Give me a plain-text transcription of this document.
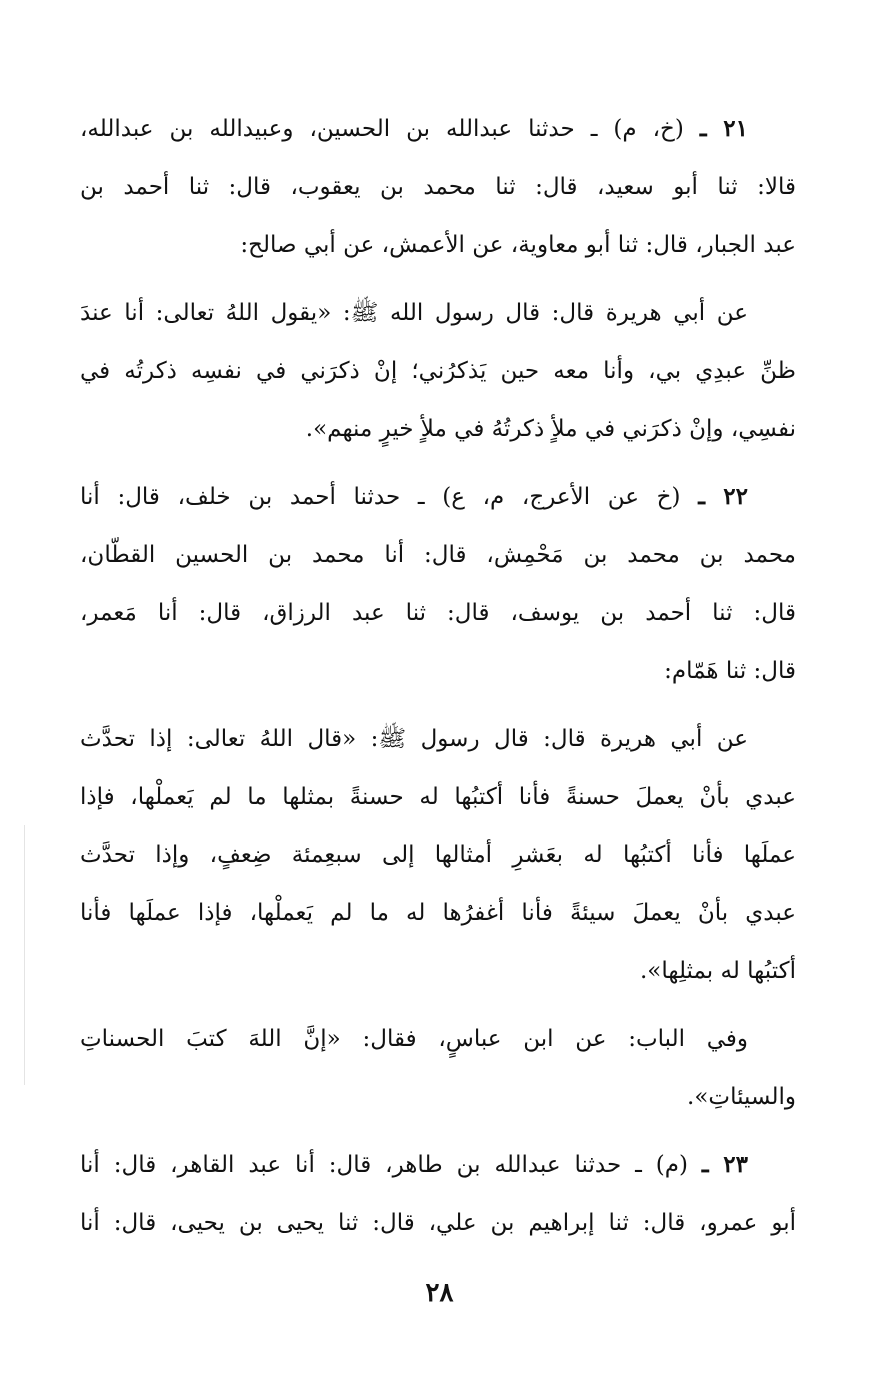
٢١ ـ (خ، م) ـ حدثنا عبدالله بن الحسين، وعبيدالله بن عبدالله،
قالا: ثنا أبو سعيد، قال: ثنا محمد بن يعقوب، قال: ثنا أحمد بن
عبد الجبار، قال: ثنا أبو معاوية، عن الأعمش، عن أبي صالح:
عن أبي هريرة قال: قال رسول الله ﷺ: «يقول اللهُ تعالى: أنا عندَ
ظنِّ عبدِي بي، وأنا معه حين يَذكرُني؛ إنْ ذكرَني في نفسِه ذكرتُه في
نفسِي، وإنْ ذكرَني في ملأٍ ذكرتُهُ في ملأٍ خيرٍ منهم».
٢٢ ـ (خ عن الأعرج، م، ع) ـ حدثنا أحمد بن خلف، قال: أنا
محمد بن محمد بن مَحْمِش، قال: أنا محمد بن الحسين القطّان،
قال: ثنا أحمد بن يوسف، قال: ثنا عبد الرزاق، قال: أنا مَعمر،
قال: ثنا هَمّام:
عن أبي هريرة قال: قال رسول ﷺ: «قال اللهُ تعالى: إذا تحدَّث
عبدي بأنْ يعملَ حسنةً فأنا أكتبُها له حسنةً بمثلها ما لم يَعملْها، فإذا
عملَها فأنا أكتبُها له بعَشرِ أمثالها إلى سبعِمئة ضِعفٍ، وإذا تحدَّث
عبدي بأنْ يعملَ سيئةً فأنا أغفرُها له ما لم يَعملْها، فإذا عملَها فأنا
أكتبُها له بمثلِها».
وفي الباب: عن ابن عباسٍ، فقال: «إنَّ اللهَ كتبَ الحسناتِ
والسيئاتِ».
٢٣ ـ (م) ـ حدثنا عبدالله بن طاهر، قال: أنا عبد القاهر، قال: أنا
أبو عمرو، قال: ثنا إبراهيم بن علي، قال: ثنا يحيى بن يحيى، قال: أنا
٢٨
